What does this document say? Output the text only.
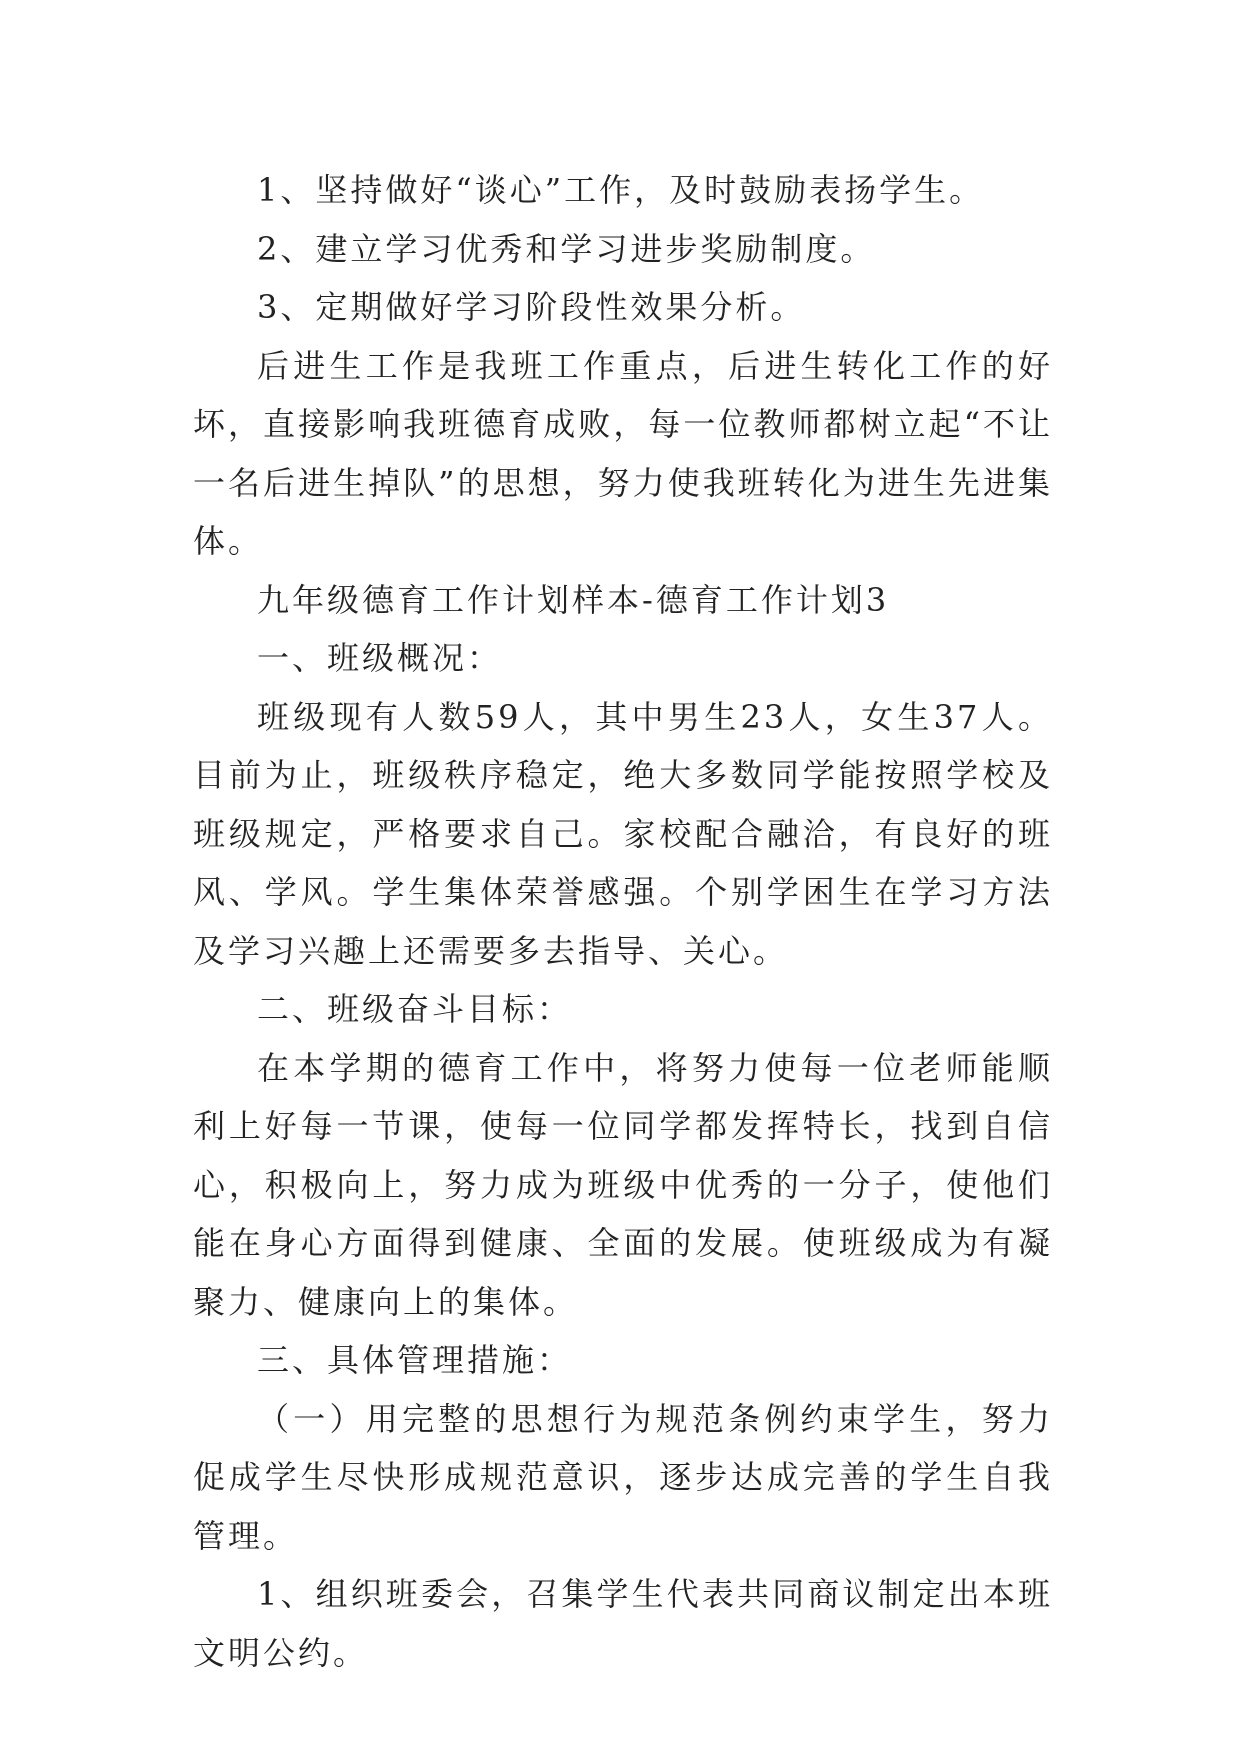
1、坚持做好“谈心”工作，及时鼓励表扬学生。

2、建立学习优秀和学习进步奖励制度。

3、定期做好学习阶段性效果分析。

后进生工作是我班工作重点，后进生转化工作的好坏，直接影响我班德育成败，每一位教师都树立起“不让一名后进生掉队”的思想，努力使我班转化为进生先进集体。

九年级德育工作计划样本-德育工作计划3

一、班级概况：

班级现有人数59人，其中男生23人，女生37人。目前为止，班级秩序稳定，绝大多数同学能按照学校及班级规定，严格要求自己。家校配合融洽，有良好的班风、学风。学生集体荣誉感强。个别学困生在学习方法及学习兴趣上还需要多去指导、关心。

二、班级奋斗目标：

在本学期的德育工作中，将努力使每一位老师能顺利上好每一节课，使每一位同学都发挥特长，找到自信心，积极向上，努力成为班级中优秀的一分子，使他们能在身心方面得到健康、全面的发展。使班级成为有凝聚力、健康向上的集体。

三、具体管理措施：

（一）用完整的思想行为规范条例约束学生，努力促成学生尽快形成规范意识，逐步达成完善的学生自我管理。

1、组织班委会，召集学生代表共同商议制定出本班文明公约。
